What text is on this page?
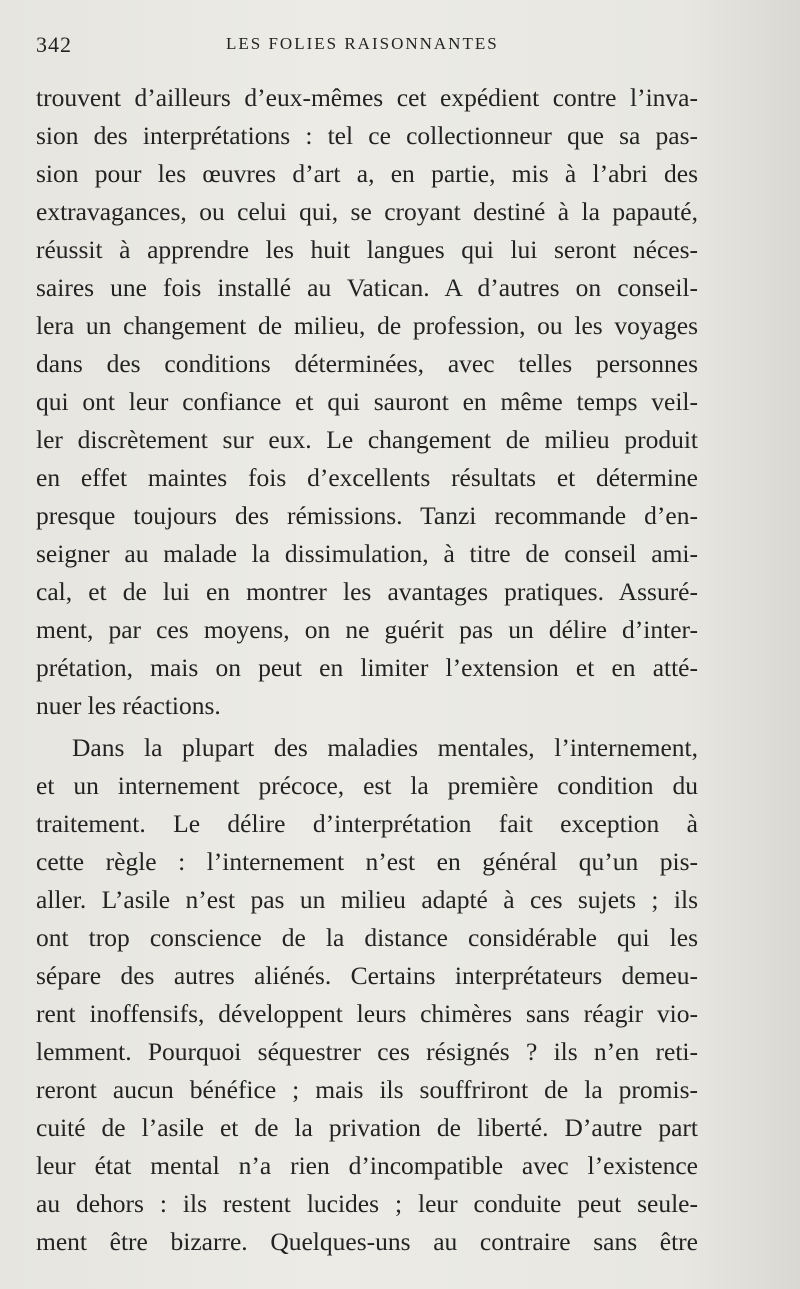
342	LES FOLIES RAISONNANTES
trouvent d’ailleurs d’eux-mêmes cet expédient contre l’inva-
sion des interprétations : tel ce collectionneur que sa pas-
sion pour les œuvres d’art a, en partie, mis à l’abri des
extravagances, ou celui qui, se croyant destiné à la papauté,
réussit à apprendre les huit langues qui lui seront néces-
saires une fois installé au Vatican. A d’autres on conseil-
lera un changement de milieu, de profession, ou les voyages
dans des conditions déterminées, avec telles personnes
qui ont leur confiance et qui sauront en même temps veil-
ler discrètement sur eux. Le changement de milieu produit
en effet maintes fois d’excellents résultats et détermine
presque toujours des rémissions. Tanzi recommande d’en-
seigner au malade la dissimulation, à titre de conseil ami-
cal, et de lui en montrer les avantages pratiques. Assuré-
ment, par ces moyens, on ne guérit pas un délire d’inter-
prétation, mais on peut en limiter l’extension et en atté-
nuer les réactions.
Dans la plupart des maladies mentales, l’internement,
et un internement précoce, est la première condition du
traitement. Le délire d’interprétation fait exception à
cette règle : l’internement n’est en général qu’un pis-
aller. L’asile n’est pas un milieu adapté à ces sujets ; ils
ont trop conscience de la distance considérable qui les
sépare des autres aliénés. Certains interprétateurs demeu-
rent inoffensifs, développent leurs chimères sans réagir vio-
lemment. Pourquoi séquestrer ces résignés ? ils n’en reti-
reront aucun bénéfice ; mais ils souffriront de la promis-
cuité de l’asile et de la privation de liberté. D’autre part
leur état mental n’a rien d’incompatible avec l’existence
au dehors : ils restent lucides ; leur conduite peut seule-
ment être bizarre. Quelques-uns au contraire sans être
